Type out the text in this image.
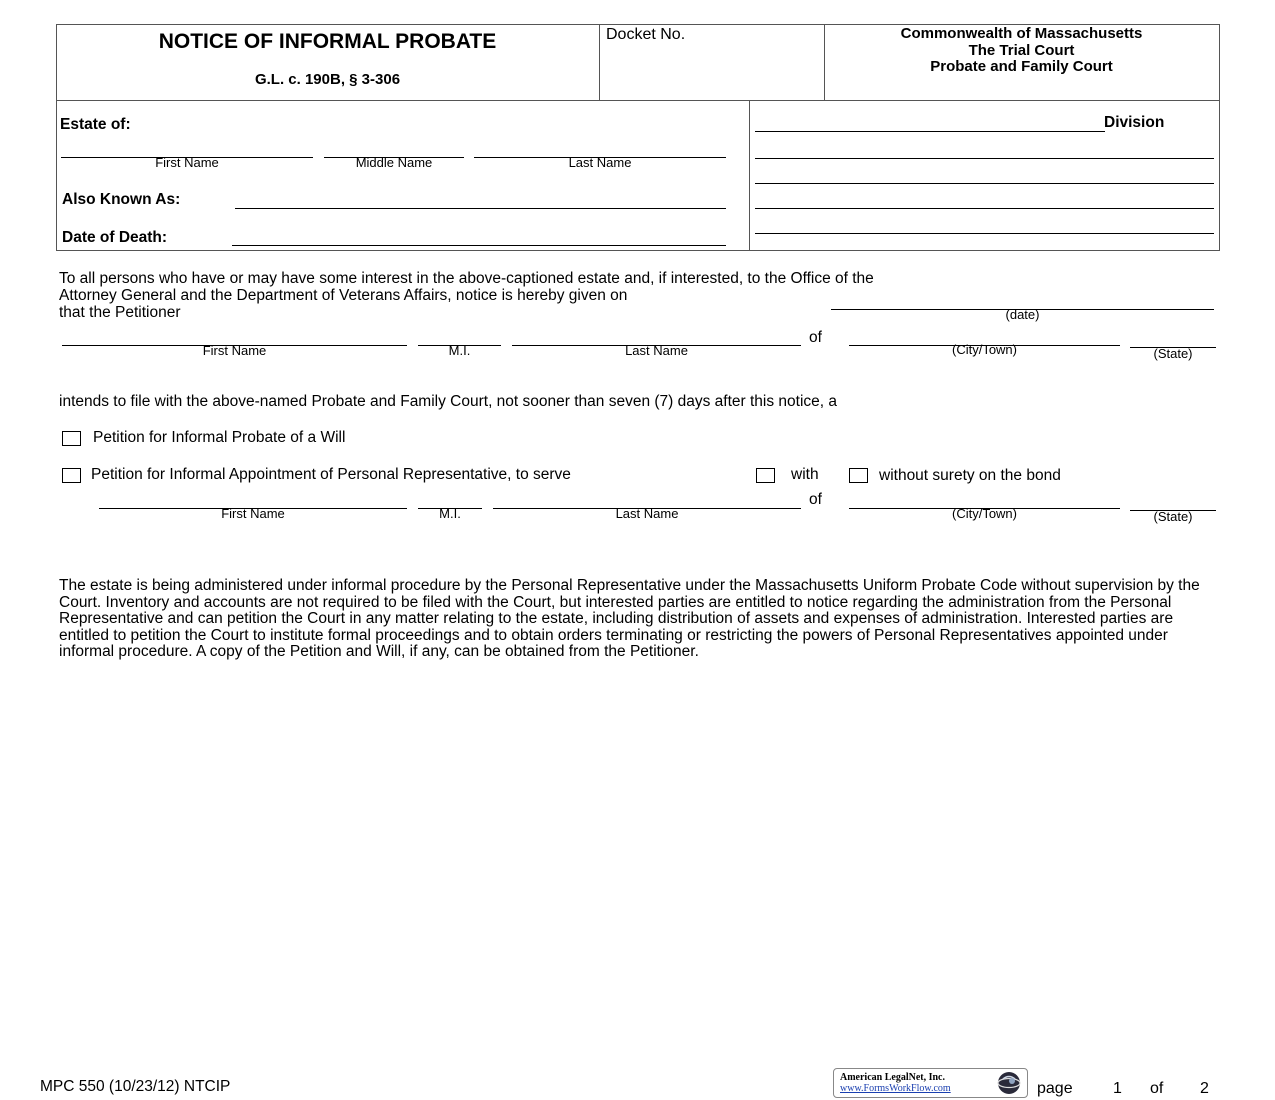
NOTICE OF INFORMAL PROBATE
G.L. c. 190B, § 3-306
Docket No.	Commonwealth of Massachusetts
The Trial Court
Probate and Family Court
Estate of:
First Name	Middle Name	Last Name
Also Known As:
Date of Death:
Division
To all persons who have or may have some interest in the above-captioned estate and, if interested, to the Office of the
Attorney General and the Department of Veterans Affairs, notice is hereby given on
that the Petitioner	(date)
of
First Name	M.I.	Last Name	(City/Town)	(State)
intends to file with the above-named Probate and Family Court, not sooner than seven (7) days after this notice, a
Petition for Informal Probate of a Will
Petition for Informal Appointment of Personal Representative, to serve	with	without surety on the bond
of
First Name	M.I.	Last Name	(City/Town)	(State)
The estate is being administered under informal procedure by the Personal Representative under the Massachusetts Uniform Probate Code without supervision by the Court. Inventory and accounts are not required to be filed with the Court, but interested parties are entitled to notice regarding the administration from the Personal Representative and can petition the Court in any matter relating to the estate, including distribution of assets and expenses of administration. Interested parties are entitled to petition the Court to institute formal proceedings and to obtain orders terminating or restricting the powers of Personal Representatives appointed under informal procedure. A copy of the Petition and Will, if any, can be obtained from the Petitioner.
MPC 550 (10/23/12) NTCIP
American LegalNet, Inc.
www.FormsWorkFlow.com	page	1 of 2
